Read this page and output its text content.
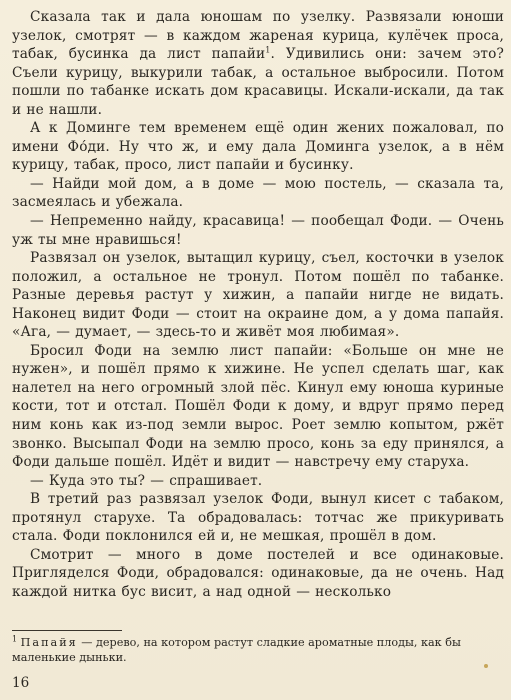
Сказала так и дала юношам по узелку. Развязали юноши узелок, смотрят — в каждом жареная курица, кулёчек проса, табак, бусинка да лист папайи$^1$. Удивились они: зачем это? Съели курицу, выкурили табак, а остальное выбросили. Потом пошли по табанке искать дом красавицы. Искали-искали, да так и не нашли.

А к Доминге тем временем ещё один жених пожаловал, по имени Фо́ди. Ну что ж, и ему дала Доминга узелок, а в нём курицу, табак, просо, лист папайи и бусинку.

— Найди мой дом, а в доме — мою постель, — сказала та, засмеялась и убежала.

— Непременно найду, красавица! — пообещал Фоди. — Очень уж ты мне нравишься!

Развязал он узелок, вытащил курицу, съел, косточки в узелок положил, а остальное не тронул. Потом пошёл по табанке. Разные деревья растут у хижин, а папайи нигде не видать. Наконец видит Фоди — стоит на окраине дом, а у дома папайя. «Ага, — думает, — здесь-то и живёт моя любимая».

Бросил Фоди на землю лист папайи: «Больше он мне не нужен», и пошёл прямо к хижине. Не успел сделать шаг, как налетел на него огромный злой пёс. Кинул ему юноша куриные кости, тот и отстал. Пошёл Фоди к дому, и вдруг прямо перед ним конь как из-под земли вырос. Роет землю копытом, ржёт звонко. Высыпал Фоди на землю просо, конь за еду принялся, а Фоди дальше пошёл. Идёт и видит — навстречу ему старуха.

— Куда это ты? — спрашивает.

В третий раз развязал узелок Фоди, вынул кисет с табаком, протянул старухе. Та обрадовалась: тотчас же прикуривать стала. Фоди поклонился ей и, не мешкая, прошёл в дом.

Смотрит — много в доме постелей и все одинаковые. Пригляделся Фоди, обрадовался: одинаковые, да не очень. Над каждой нитка бус висит, а над одной — несколько

$^1$ Папайя — дерево, на котором растут сладкие ароматные плоды, как бы маленькие дыньки.
16
